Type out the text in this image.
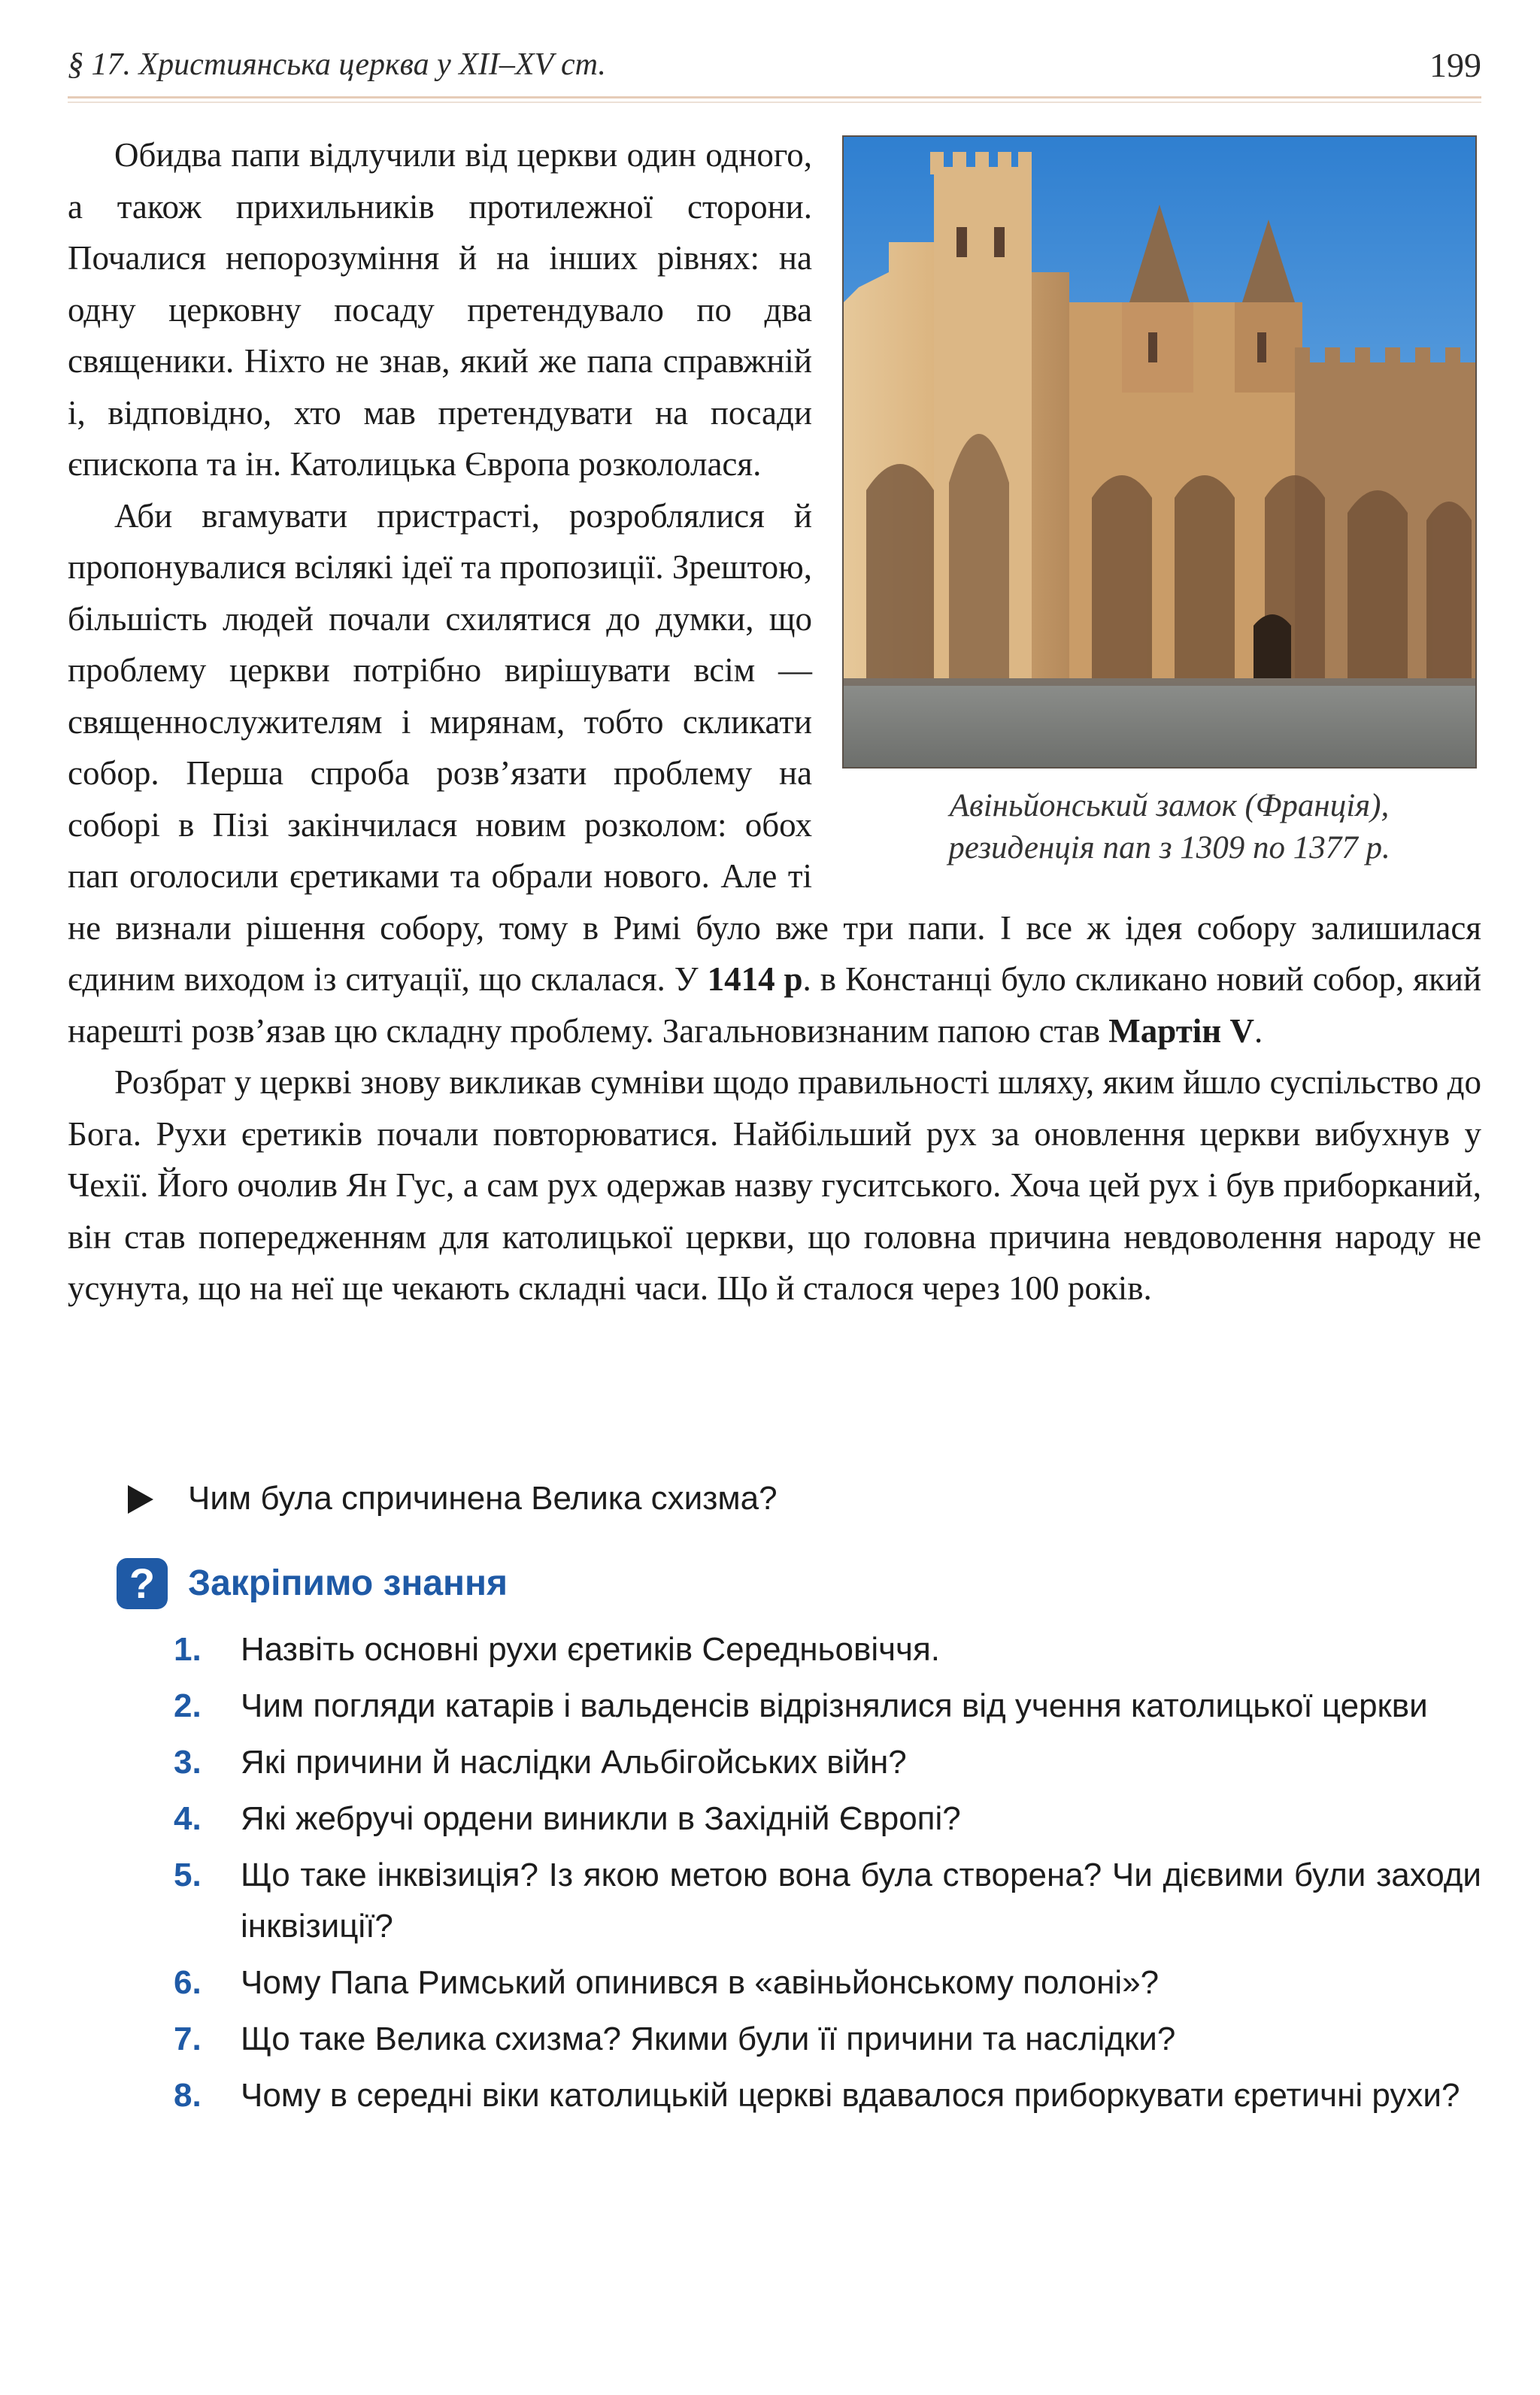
§ 17. Християнська церква у XII–XV ст.	199
Авіньйонський замок (Франція),
резиденція пап з 1309 по 1377 р.

Обидва папи відлучили від церкви один одного, а також прихильників протилежної сторони. Почалися непорозуміння й на інших рівнях: на одну церковну посаду претендувало по два священики. Ніхто не знав, який же папа справжній і, відповідно, хто мав претендувати на посади єпископа та ін. Католицька Європа розкололася.

Аби вгамувати пристрасті, розроблялися й пропонувалися всілякі ідеї та пропозиції. Зрештою, більшість людей почали схилятися до думки, що проблему церкви потрібно вирішувати всім — священнослужителям і мирянам, тобто скликати собор. Перша спроба розв’язати проблему на соборі в Пізі закінчилася новим розколом: обох пап оголосили єретиками та обрали нового. Але ті не визнали рішення собору, тому в Римі було вже три папи. І все ж ідея собору залишилася єдиним виходом із ситуації, що склалася. У 1414 р. в Констанці було скликано новий собор, який нарешті розв’язав цю складну проблему. Загальновизнаним папою став Мартін V.

Розбрат у церкві знову викликав сумніви щодо правильності шляху, яким йшло суспільство до Бога. Рухи єретиків почали повторюватися. Найбільший рух за оновлення церкви вибухнув у Чехії. Його очолив Ян Гус, а сам рух одержав назву гуситського. Хоча цей рух і був приборканий, він став попередженням для католицької церкви, що головна причина невдоволення народу не усунута, що на неї ще чекають складні часи. Що й сталося через 100 років.

Чим була спричинена Велика схизма?
? Закріпимо знання
1. Назвіть основні рухи єретиків Середньовіччя.
2. Чим погляди катарів і вальденсів відрізнялися від учення католицької церкви
3. Які причини й наслідки Альбігойських війн?
4. Які жебручі ордени виникли в Західній Європі?
5. Що таке інквізиція? Із якою метою вона була створена? Чи дієвими були заходи інквізиції?
6. Чому Папа Римський опинився в «авіньйонському полоні»?
7. Що таке Велика схизма? Якими були її причини та наслідки?
8. Чому в середні віки католицькій церкві вдавалося приборкувати єретичні рухи?
